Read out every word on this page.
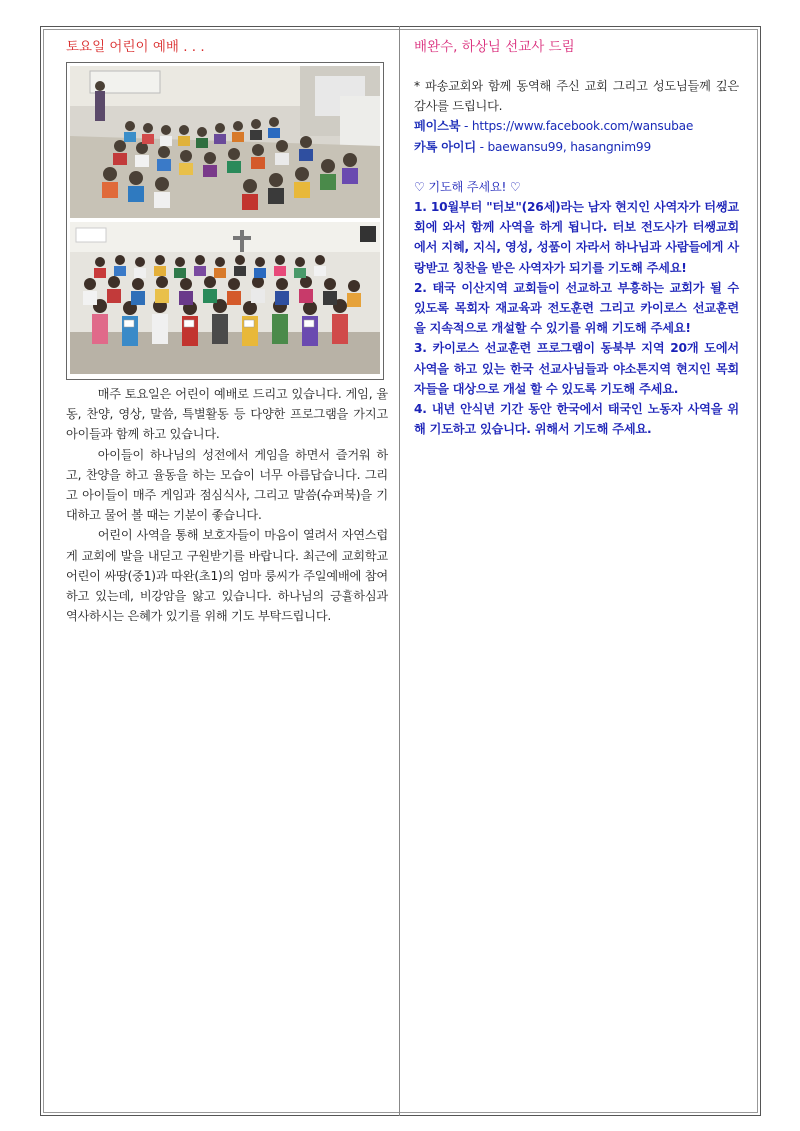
토요일 어린이 예배 . . .

매주 토요일은 어린이 예배로 드리고 있습니다. 게임, 율동, 찬양, 영상, 말씀, 특별활동 등 다양한 프로그램을 가지고 아이들과 함께 하고 있습니다.

아이들이 하나님의 성전에서 게임을 하면서 즐거워 하고, 찬양을 하고 율동을 하는 모습이 너무 아름답습니다. 그리고 아이들이 매주 게임과 점심식사, 그리고 말씀(슈퍼북)을 기대하고 물어 볼 때는 기분이 좋습니다.

어린이 사역을 통해 보호자들이 마음이 열려서 자연스럽게 교회에 발을 내딛고 구원받기를 바랍니다. 최근에 교회학교 어린이 싸땅(중1)과 따완(초1)의 엄마 룽씨가 주일예배에 참여하고 있는데, 비강암을 앓고 있습니다. 하나님의 긍휼하심과 역사하시는 은혜가 있기를 위해 기도 부탁드립니다.

배완수, 하상님 선교사 드림
* 파송교회와 함께 동역해 주신 교회 그리고 성도님들께 깊은 감사를 드립니다.
페이스북 - https://www.facebook.com/wansubae
카톡 아이디 - baewansu99, hasangnim99
♡ 기도해 주세요! ♡
1. 10월부터 "터보"(26세)라는 남자 현지인 사역자가 터쌩교회에 와서 함께 사역을 하게 됩니다. 터보 전도사가 터쌩교회에서 지혜, 지식, 영성, 성품이 자라서 하나님과 사람들에게 사랑받고 칭찬을 받은 사역자가 되기를 기도해 주세요!
2. 태국 이산지역 교회들이 선교하고 부흥하는 교회가 될 수 있도록 목회자 재교육과 전도훈련 그리고 카이로스 선교훈련을 지속적으로 개설할 수 있기를 위해 기도해 주세요!
3. 카이로스 선교훈련 프로그램이 동북부 지역 20개 도에서 사역을 하고 있는 한국 선교사님들과 야소톤지역 현지인 목회자들을 대상으로 개설 할 수 있도록 기도해 주세요.
4. 내년 안식년 기간 동안 한국에서 태국인 노동자 사역을 위해 기도하고 있습니다. 위해서 기도해 주세요.
